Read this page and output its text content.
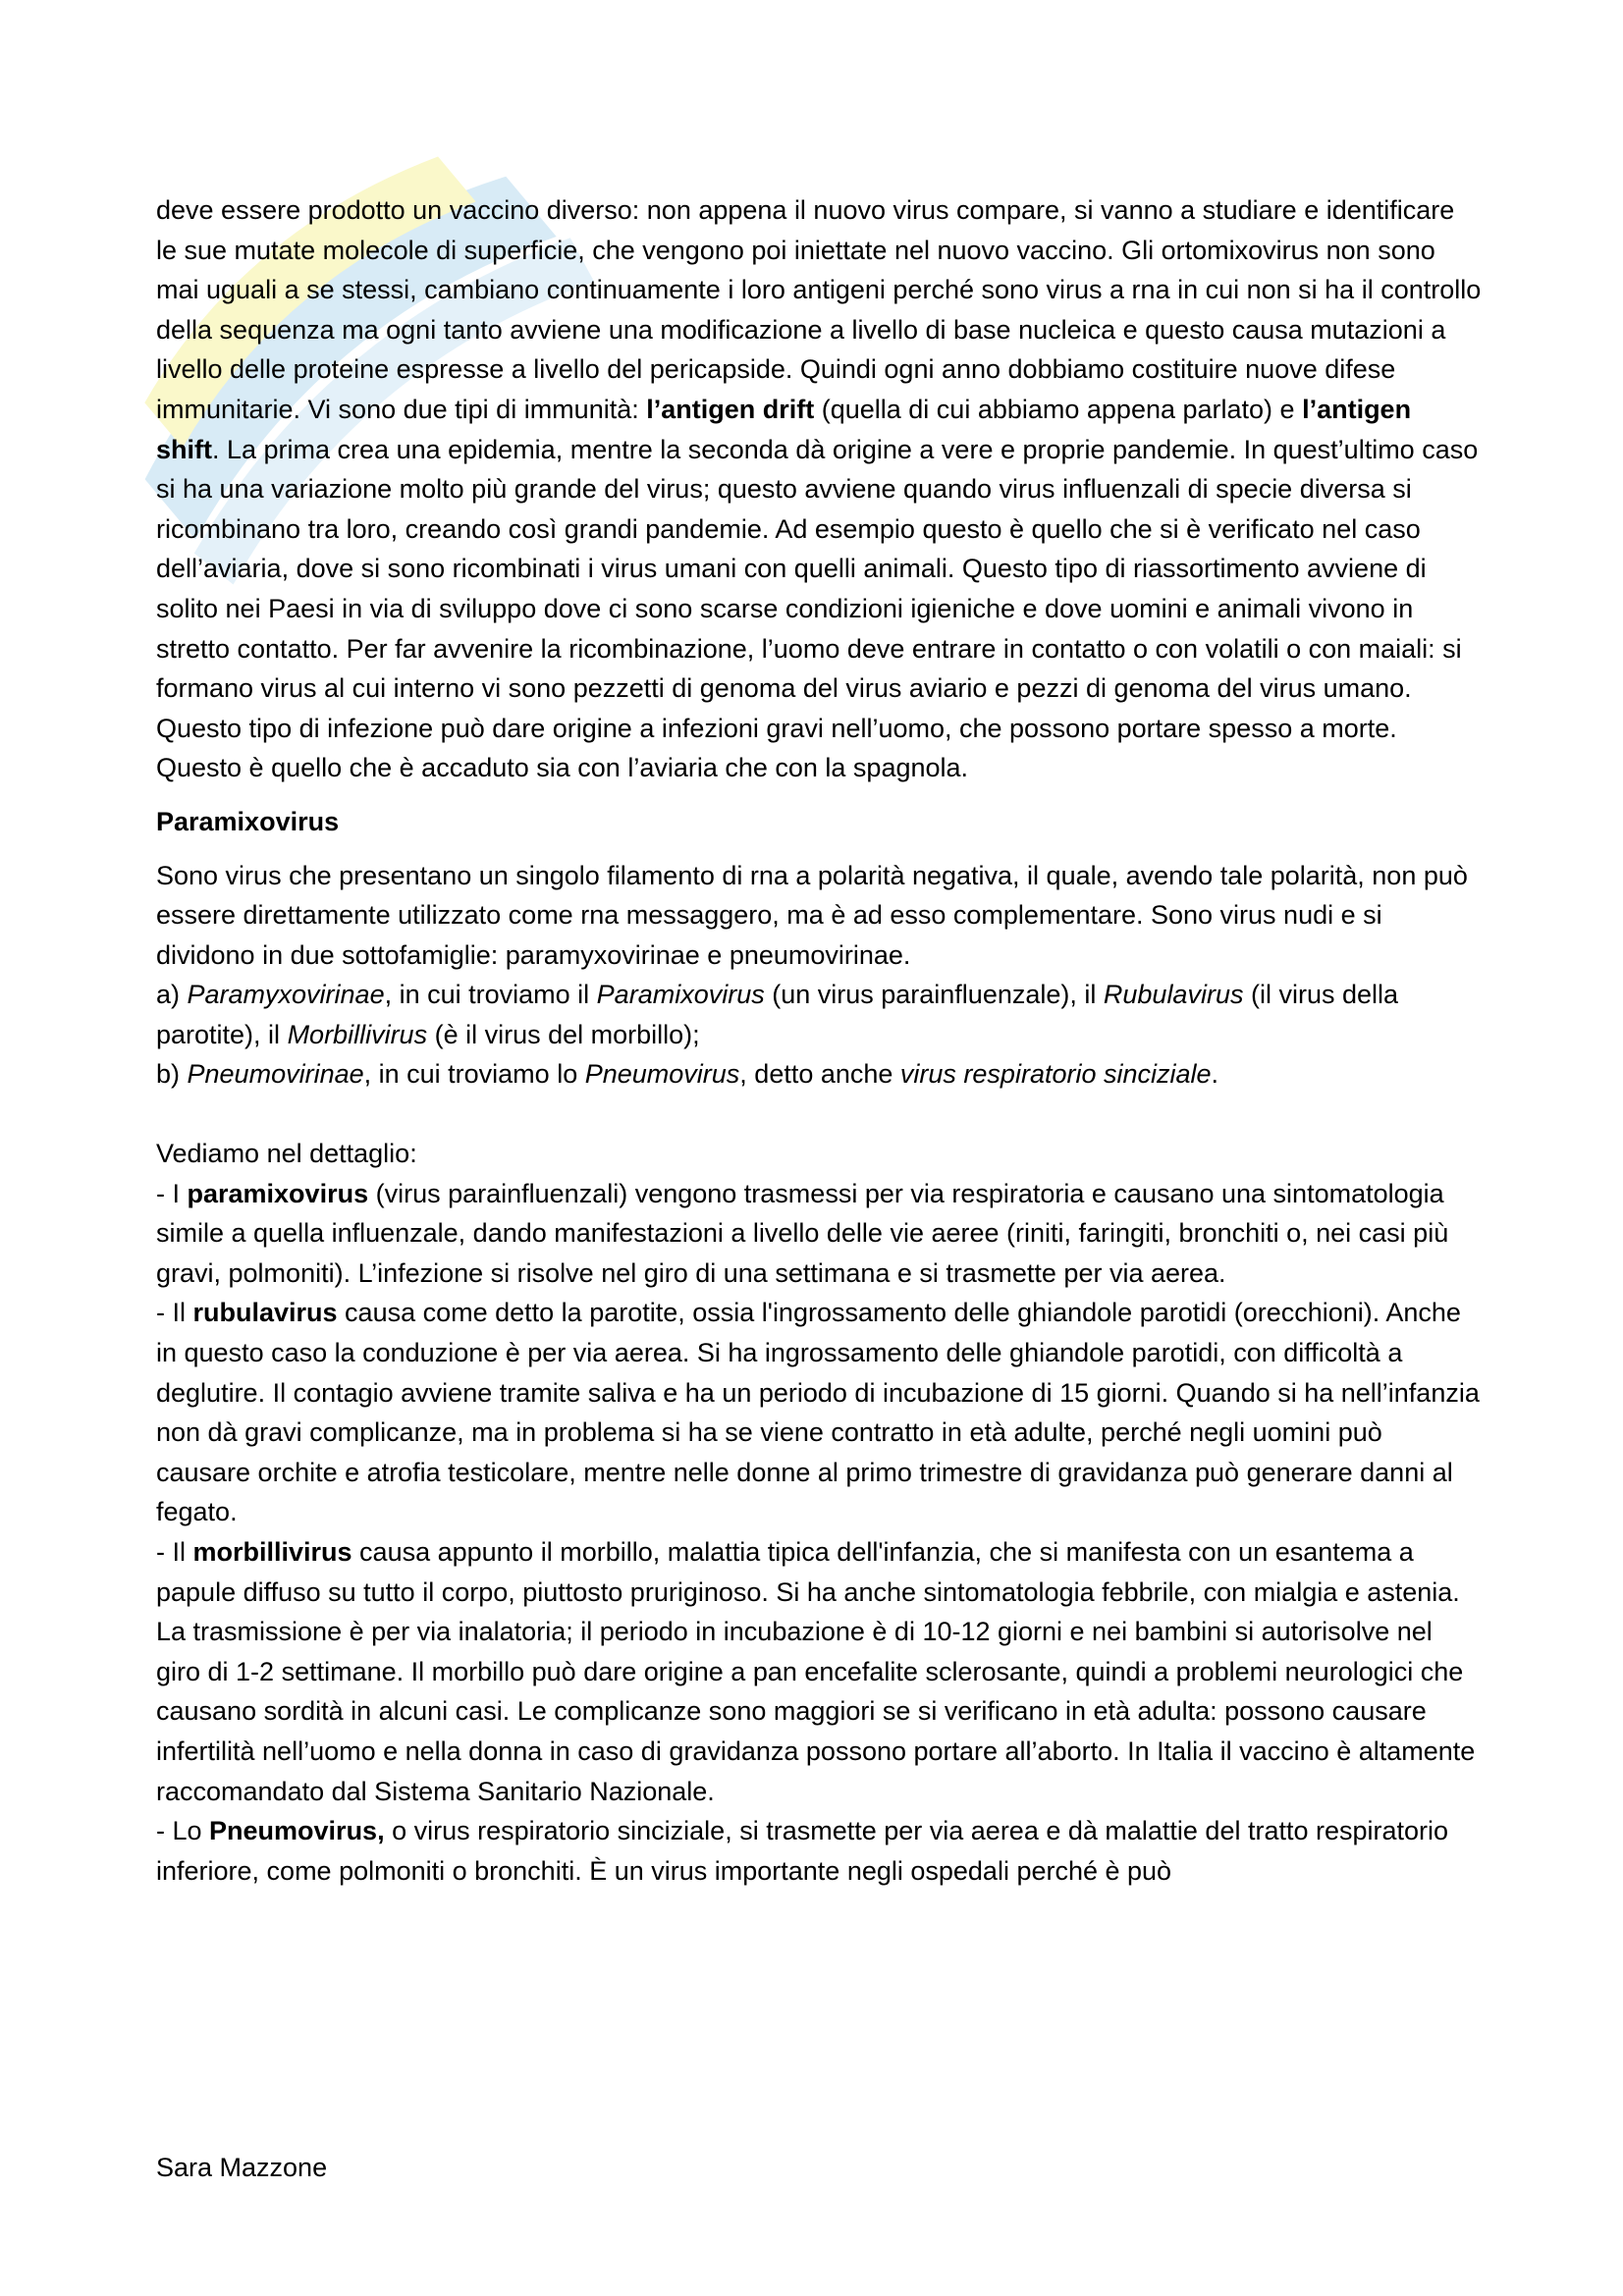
deve essere prodotto un vaccino diverso: non appena il nuovo virus compare, si vanno a studiare e identificare le sue mutate molecole di superficie, che vengono poi iniettate nel nuovo vaccino. Gli ortomixovirus non sono mai uguali a se stessi, cambiano continuamente i loro antigeni perché sono virus a rna in cui non si ha il controllo della sequenza ma ogni tanto avviene una modificazione a livello di base nucleica e questo causa mutazioni a livello delle proteine espresse a livello del pericapside. Quindi ogni anno dobbiamo costituire nuove difese immunitarie. Vi sono due tipi di immunità: l’antigen drift (quella di cui abbiamo appena parlato) e l’antigen shift. La prima crea una epidemia, mentre la seconda dà origine a vere e proprie pandemie. In quest’ultimo caso si ha una variazione molto più grande del virus; questo avviene quando virus influenzali di specie diversa si ricombinano tra loro, creando così grandi pandemie. Ad esempio questo è quello che si è verificato nel caso dell’aviaria, dove si sono ricombinati i virus umani con quelli animali. Questo tipo di riassortimento avviene di solito nei Paesi in via di sviluppo dove ci sono scarse condizioni igieniche e dove uomini e animali vivono in stretto contatto. Per far avvenire la ricombinazione, l’uomo deve entrare in contatto o con volatili o con maiali: si formano virus al cui interno vi sono pezzetti di genoma del virus aviario e pezzi di genoma del virus umano. Questo tipo di infezione può dare origine a infezioni gravi nell’uomo, che possono portare spesso a morte. Questo è quello che è accaduto sia con l’aviaria che con la spagnola.

Paramixovirus

Sono virus che presentano un singolo filamento di rna a polarità negativa, il quale, avendo tale polarità, non può essere direttamente utilizzato come rna messaggero, ma è ad esso complementare. Sono virus nudi e si dividono in due sottofamiglie: paramyxovirinae e pneumovirinae.

a) Paramyxovirinae, in cui troviamo il Paramixovirus (un virus parainfluenzale), il Rubulavirus (il virus della parotite), il Morbillivirus (è il virus del morbillo);

b) Pneumovirinae, in cui troviamo lo Pneumovirus, detto anche virus respiratorio sinciziale.

Vediamo nel dettaglio:

- I paramixovirus (virus parainfluenzali) vengono trasmessi per via respiratoria e causano una sintomatologia simile a quella influenzale, dando manifestazioni a livello delle vie aeree (riniti, faringiti, bronchiti o, nei casi più gravi, polmoniti). L’infezione si risolve nel giro di una settimana e si trasmette per via aerea.

- Il rubulavirus causa come detto la parotite, ossia l'ingrossamento delle ghiandole parotidi (orecchioni). Anche in questo caso la conduzione è per via aerea. Si ha ingrossamento delle ghiandole parotidi, con difficoltà a deglutire. Il contagio avviene tramite saliva e ha un periodo di incubazione di 15 giorni. Quando si ha nell’infanzia non dà gravi complicanze, ma in problema si ha se viene contratto in età adulte, perché negli uomini può causare orchite e atrofia testicolare, mentre nelle donne al primo trimestre di gravidanza può generare danni al fegato.

- Il morbillivirus causa appunto il morbillo, malattia tipica dell'infanzia, che si manifesta con un esantema a papule diffuso su tutto il corpo, piuttosto pruriginoso. Si ha anche sintomatologia febbrile, con mialgia e astenia. La trasmissione è per via inalatoria; il periodo in incubazione è di 10-12 giorni e nei bambini si autorisolve nel giro di 1-2 settimane. Il morbillo può dare origine a pan encefalite sclerosante, quindi a problemi neurologici che causano sordità in alcuni casi. Le complicanze sono maggiori se si verificano in età adulta: possono causare infertilità nell’uomo e nella donna in caso di gravidanza possono portare all’aborto. In Italia il vaccino è altamente raccomandato dal Sistema Sanitario Nazionale.

- Lo Pneumovirus, o virus respiratorio sinciziale, si trasmette per via aerea e dà malattie del tratto respiratorio inferiore, come polmoniti o bronchiti. È un virus importante negli ospedali perché è può

Sara Mazzone
